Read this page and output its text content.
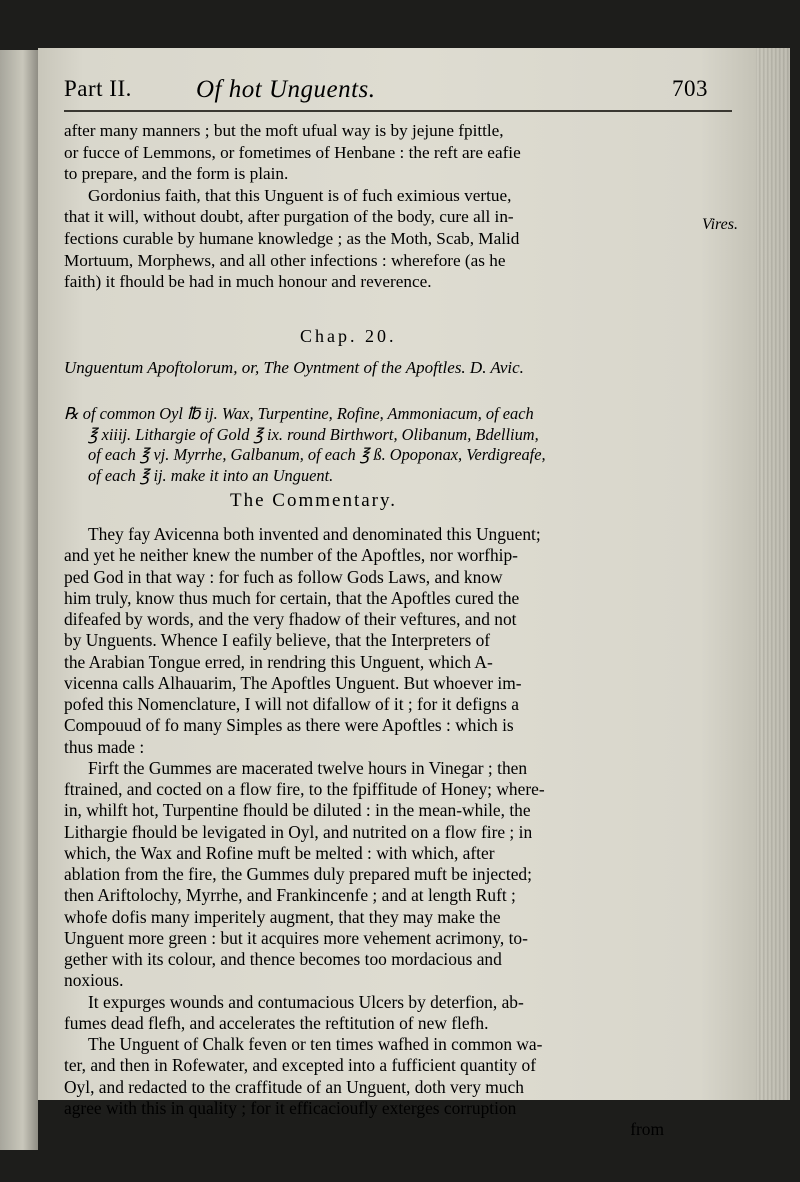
Part II.	Of hot Unguents.	703
after many manners ; but the moft ufual way is by jejune fpittle,
or fucce of Lemmons, or fometimes of Henbane : the reft are eafie
to prepare, and the form is plain.
Gordonius faith, that this Unguent is of fuch eximious vertue,
that it will, without doubt, after purgation of the body, cure all in-
fections curable by humane knowledge ; as the Moth, Scab, Malid
Mortuum, Morphews, and all other infections : wherefore (as he
faith) it fhould be had in much honour and reverence.
Vires.
Chap. 20.
Unguentum Apoftolorum, or, The Oyntment of the Apoftles. D. Avic.
℞ of common Oyl ℔ ij. Wax, Turpentine, Rofine, Ammoniacum, of each
℥ xiiij. Lithargie of Gold ℥ ix. round Birthwort, Olibanum, Bdellium,
of each ℥ vj. Myrrhe, Galbanum, of each ℥ ß. Opoponax, Verdigreafe,
of each ℥ ij. make it into an Unguent.
The Commentary.
They fay Avicenna both invented and denominated this Unguent;
and yet he neither knew the number of the Apoftles, nor worfhip-
ped God in that way : for fuch as follow Gods Laws, and know
him truly, know thus much for certain, that the Apoftles cured the
difeafed by words, and the very fhadow of their veftures, and not
by Unguents. Whence I eafily believe, that the Interpreters of
the Arabian Tongue erred, in rendring this Unguent, which A-
vicenna calls Alhauarim, The Apoftles Unguent. But whoever im-
pofed this Nomenclature, I will not difallow of it ; for it defigns a
Compouud of fo many Simples as there were Apoftles : which is
thus made :
Firft the Gummes are macerated twelve hours in Vinegar ; then
ftrained, and cocted on a flow fire, to the fpiffitude of Honey; where-
in, whilft hot, Turpentine fhould be diluted : in the mean-while, the
Lithargie fhould be levigated in Oyl, and nutrited on a flow fire ; in
which, the Wax and Rofine muft be melted : with which, after
ablation from the fire, the Gummes duly prepared muft be injected;
then Ariftolochy, Myrrhe, and Frankincenfe ; and at length Ruft ;
whofe dofis many imperitely augment, that they may make the
Unguent more green : but it acquires more vehement acrimony, to-
gether with its colour, and thence becomes too mordacious and
noxious.
It expurges wounds and contumacious Ulcers by deterfion, ab-
fumes dead flefh, and accelerates the reftitution of new flefh.
The Unguent of Chalk feven or ten times wafhed in common wa-
ter, and then in Rofewater, and excepted into a fufficient quantity of
Oyl, and redacted to the craffitude of an Unguent, doth very much
agree with this in quality ; for it efficacioufly exterges corruption
from
